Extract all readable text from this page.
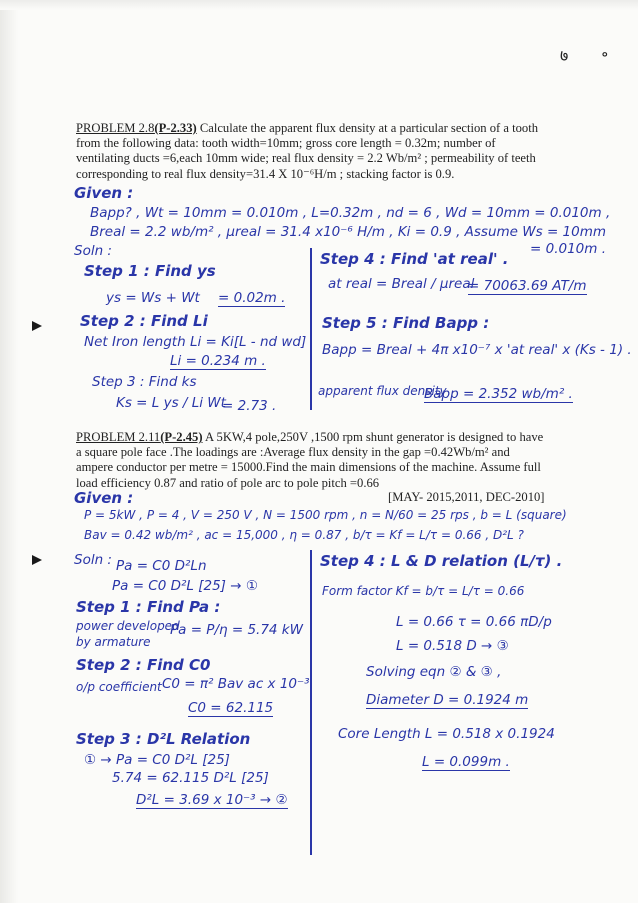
७ ॰
PROBLEM 2.8(P-2.33) Calculate the apparent flux density at a particular section of a tooth
from the following data: tooth width=10mm; gross core length = 0.32m; number of
ventilating ducts =6,each 10mm wide; real flux density = 2.2 Wb/m² ; permeability of teeth
corresponding to real flux density=31.4 X 10⁻⁶H/m ; stacking factor is 0.9.
Given :
Bapp? , Wt = 10mm = 0.010m , L=0.32m , nd = 6 , Wd = 10mm = 0.010m ,
Breal = 2.2 wb/m² , μreal = 31.4 x10⁻⁶ H/m , Ki = 0.9 , Assume Ws = 10mm
= 0.010m .
Soln :
Step 1 : Find ys
ys = Ws + Wt = 0.02m .
Step 2 : Find Li
Net Iron length Li = Ki[L - nd wd]
Li = 0.234 m .
Step 3 : Find ks
Ks = L ys / Li Wt
= 2.73 .
Step 4 : Find 'at real' .
at real = Breal / μreal
= 70063.69 AT/m
Step 5 : Find Bapp :
Bapp = Breal + 4π x10⁻⁷ x 'at real' x (Ks - 1) .
apparent flux density
Bapp = 2.352 wb/m² .
PROBLEM 2.11(P-2.45) A 5KW,4 pole,250V ,1500 rpm shunt generator is designed to have
a square pole face .The loadings are :Average flux density in the gap =0.42Wb/m² and
ampere conductor per metre = 15000.Find the main dimensions of the machine. Assume full
load efficiency 0.87 and ratio of pole arc to pole pitch =0.66
[MAY- 2015,2011, DEC-2010]
Given :
P = 5kW , P = 4 , V = 250 V , N = 1500 rpm , n = N/60 = 25 rps , b = L (square)
Bav = 0.42 wb/m² , ac = 15,000 , η = 0.87 , b/τ = Kf = L/τ = 0.66 , D²L ?
Soln : Pa = C0 D²Ln
Pa = C0 D²L [25] → ①
Step 1 : Find Pa :
power developed
by armature
Pa = P/η = 5.74 kW
Step 2 : Find C0
o/p coefficient C0 = π² Bav ac x 10⁻³
C0 = 62.115
Step 3 : D²L Relation
① → Pa = C0 D²L [25]
5.74 = 62.115 D²L [25]
D²L = 3.69 x 10⁻³ → ②
Step 4 : L & D relation (L/τ) .
Form factor Kf = b/τ = L/τ = 0.66
L = 0.66 τ = 0.66 πD/p
L = 0.518 D → ③
Solving eqn ② & ③ ,
Diameter D = 0.1924 m
Core Length L = 0.518 x 0.1924
L = 0.099m .
